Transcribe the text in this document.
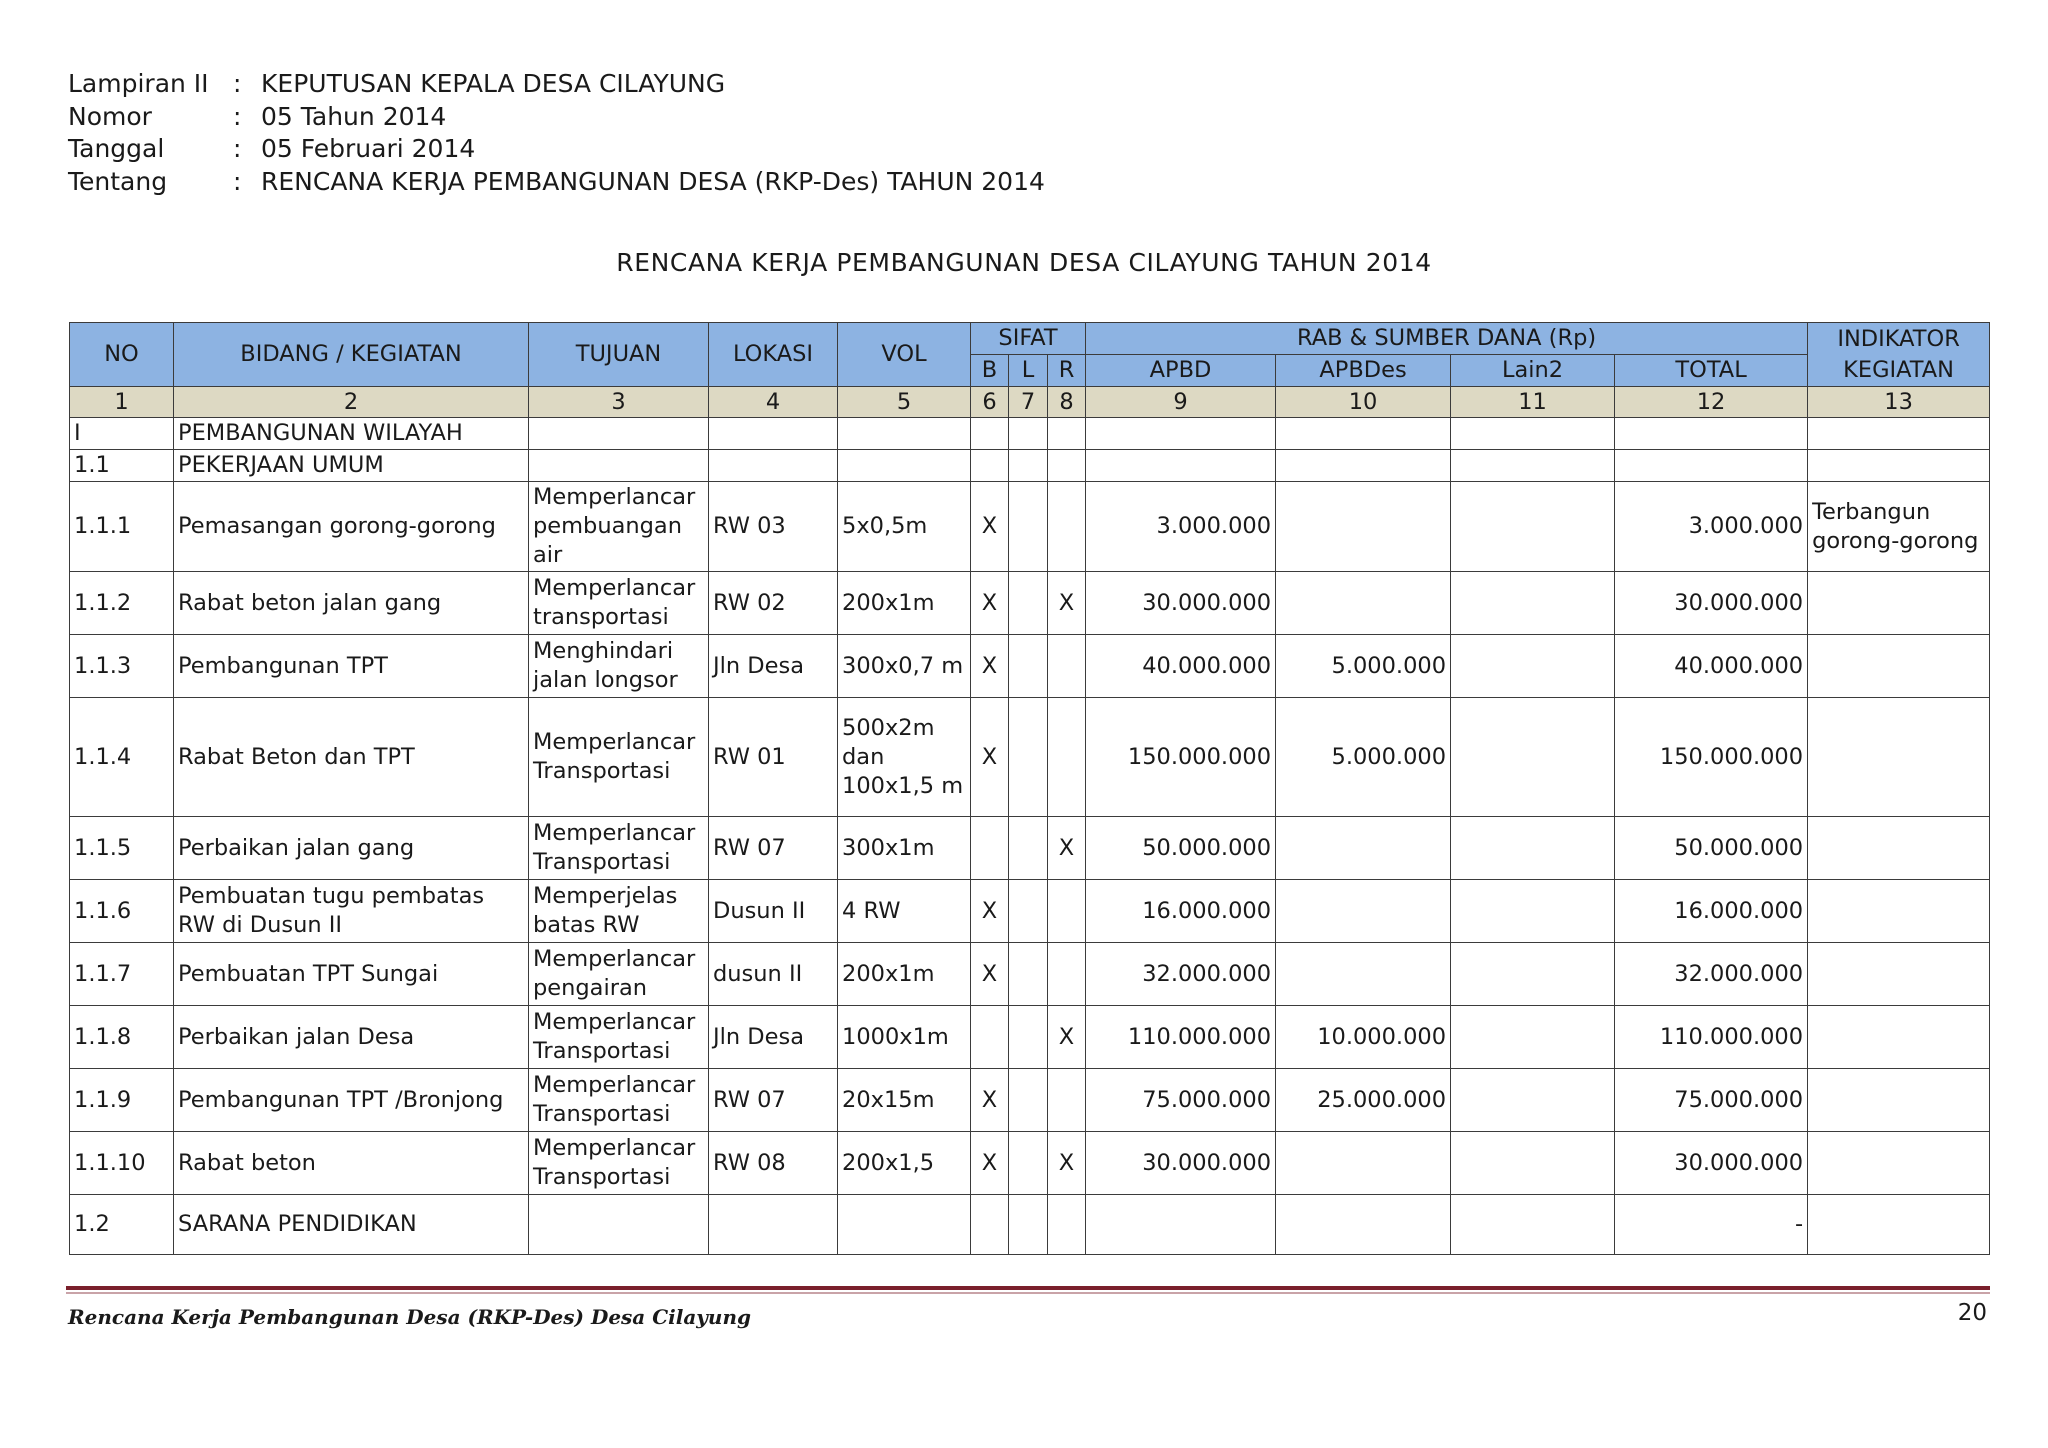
Lampiran II : KEPUTUSAN KEPALA DESA CILAYUNG
Nomor	: 05 Tahun 2014
Tanggal	: 05 Februari 2014
Tentang	: RENCANA KERJA PEMBANGUNAN DESA (RKP-Des) TAHUN 2014
RENCANA KERJA PEMBANGUNAN DESA CILAYUNG TAHUN 2014
NO	BIDANG / KEGIATAN	TUJUAN	LOKASI	VOL	SIFAT			RAB & SUMBER DANA (Rp)				INDIKATOR KEGIATAN
					B	L	R	APBD	APBDes	Lain2	TOTAL	
1	2	3	4	5	6	7	8	9	10	11	12	13
I	PEMBANGUNAN WILAYAH											
1.1	PEKERJAAN UMUM											
1.1.1	Pemasangan gorong-gorong	Memperlancar pembuangan air	RW 03	5x0,5m	X			3.000.000			3.000.000	Terbangun gorong-gorong
1.1.2	Rabat beton jalan gang	Memperlancar transportasi	RW 02	200x1m	X		X	30.000.000			30.000.000	
1.1.3	Pembangunan TPT	Menghindari jalan longsor	Jln Desa	300x0,7 m	X			40.000.000	5.000.000		40.000.000	
1.1.4	Rabat Beton dan TPT	Memperlancar Transportasi	RW 01	500x2m dan 100x1,5 m	X			150.000.000	5.000.000		150.000.000	
1.1.5	Perbaikan jalan gang	Memperlancar Transportasi	RW 07	300x1m			X	50.000.000			50.000.000	
1.1.6	Pembuatan tugu pembatas RW di Dusun II	Memperjelas batas RW	Dusun II	4 RW	X			16.000.000			16.000.000	
1.1.7	Pembuatan TPT Sungai	Memperlancar pengairan	dusun II	200x1m	X			32.000.000			32.000.000	
1.1.8	Perbaikan jalan Desa	Memperlancar Transportasi	Jln Desa	1000x1m			X	110.000.000	10.000.000		110.000.000	
1.1.9	Pembangunan TPT /Bronjong	Memperlancar Transportasi	RW 07	20x15m	X			75.000.000	25.000.000		75.000.000	
1.1.10	Rabat beton	Memperlancar Transportasi	RW 08	200x1,5	X		X	30.000.000			30.000.000	
1.2	SARANA PENDIDIKAN										-	
Rencana Kerja Pembangunan Desa (RKP-Des) Desa Cilayung	20
